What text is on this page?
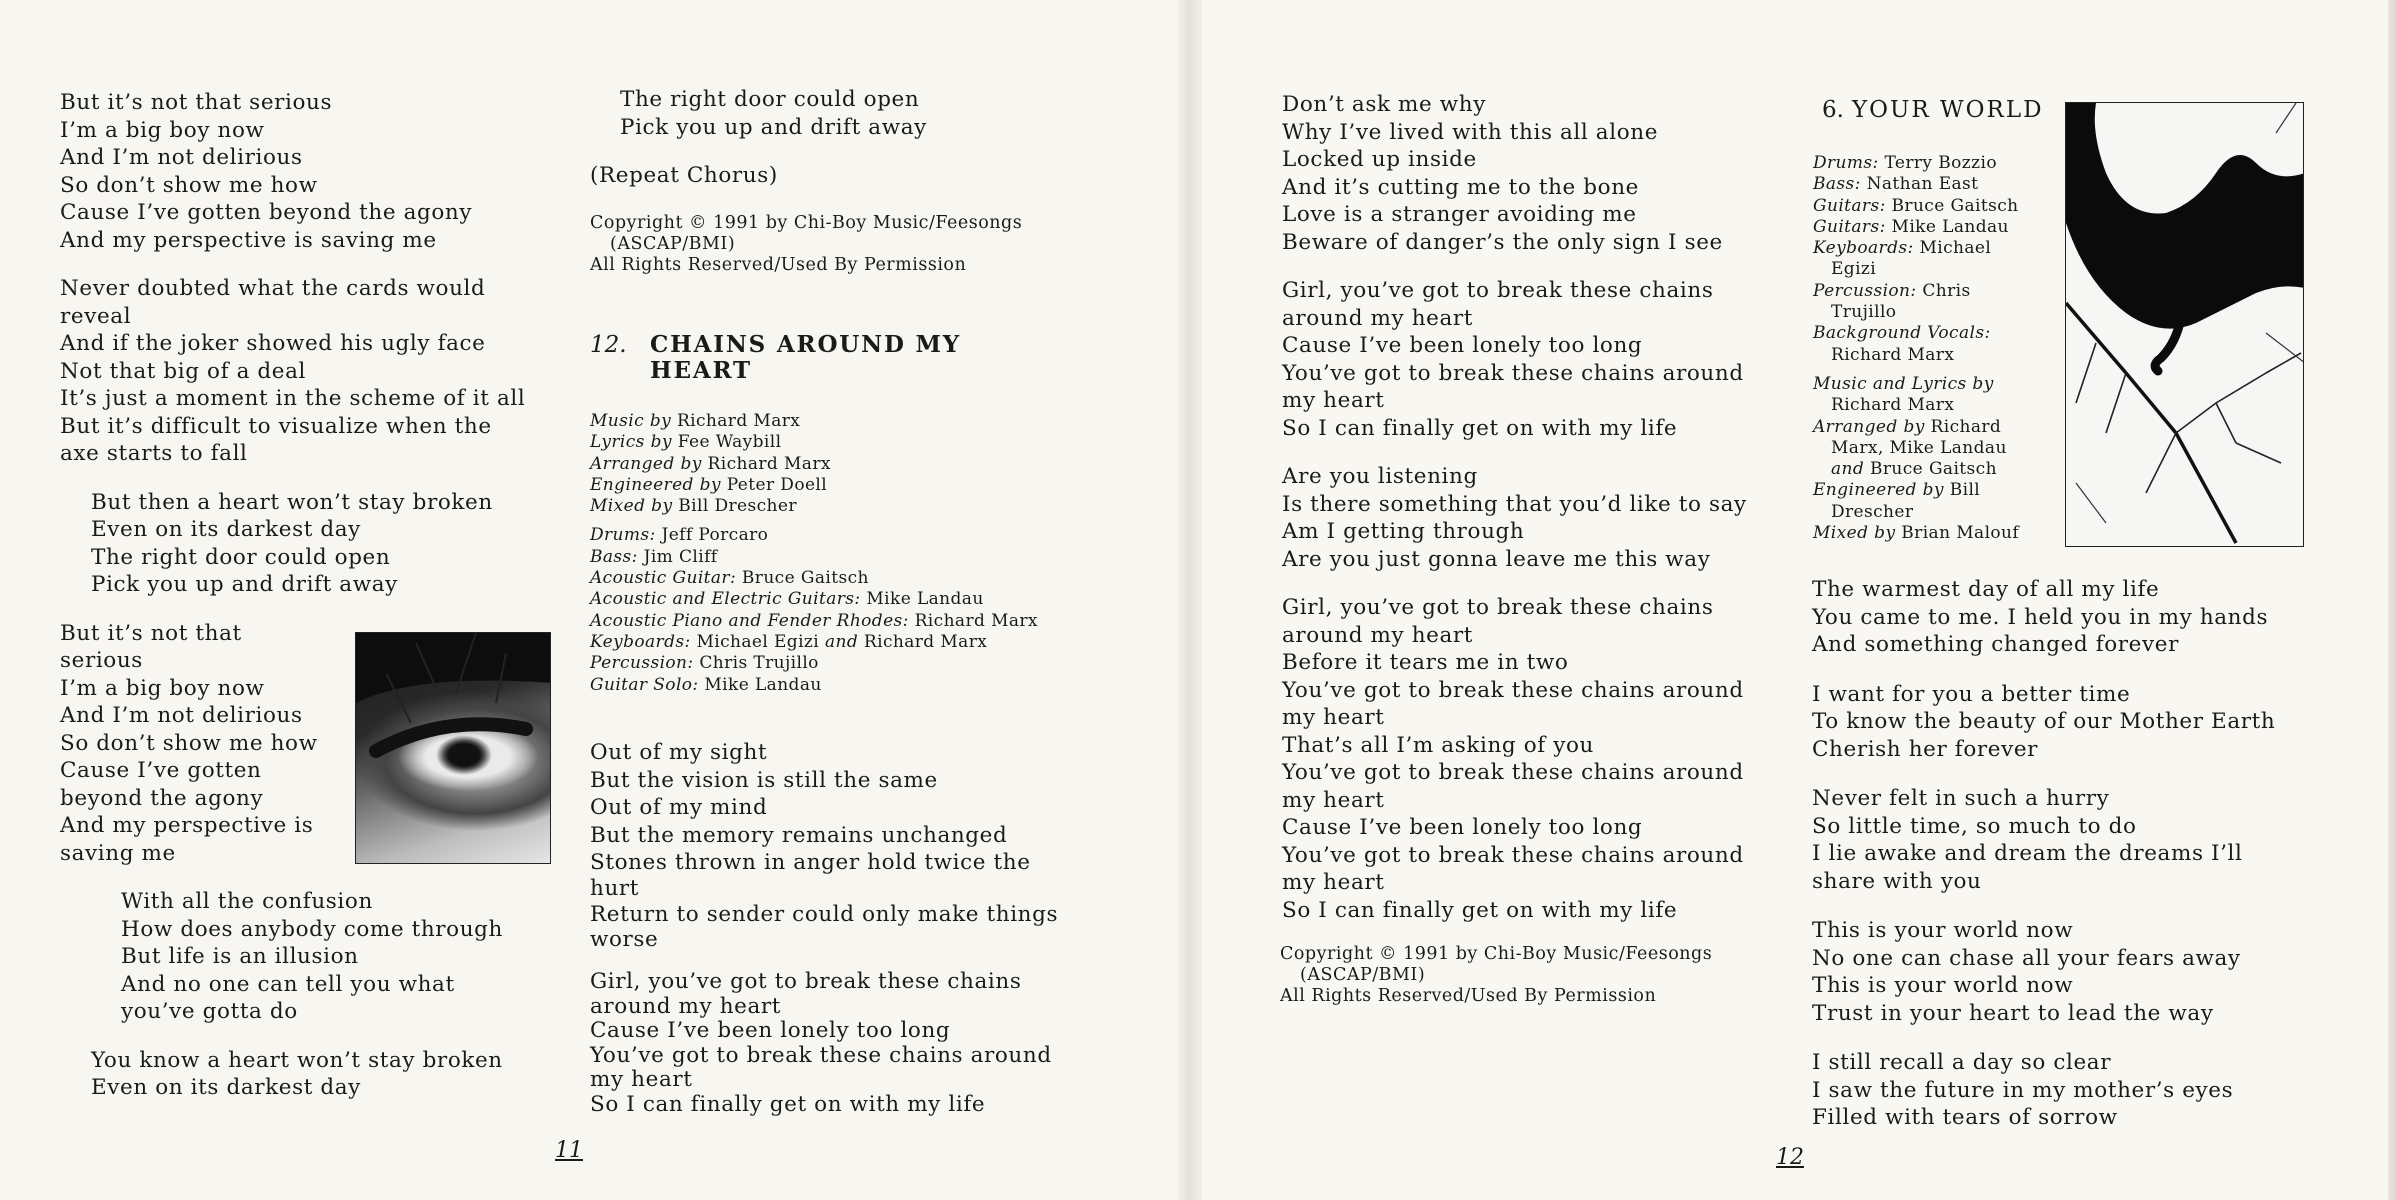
But it’s not that serious

I’m a big boy now

And I’m not delirious

So don’t show me how

Cause I’ve gotten beyond the agony

And my perspective is saving me

Never doubted what the cards would

reveal

And if the joker showed his ugly face

Not that big of a deal

It’s just a moment in the scheme of it all

But it’s difficult to visualize when the

axe starts to fall

But then a heart won’t stay broken

Even on its darkest day

The right door could open

Pick you up and drift away

But it’s not that

serious

I’m a big boy now

And I’m not delirious

So don’t show me how

Cause I’ve gotten

beyond the agony

And my perspective is

saving me

With all the confusion

How does anybody come through

But life is an illusion

And no one can tell you what

you’ve gotta do

You know a heart won’t stay broken

Even on its darkest day

The right door could open

Pick you up and drift away

(Repeat Chorus)

Copyright © 1991 by Chi-Boy Music/Feesongs

(ASCAP/BMI)

All Rights Reserved/Used By Permission

12.	CHAINS AROUND MY
HEART
Music by Richard Marx
Lyrics by Fee Waybill
Arranged by Richard Marx
Engineered by Peter Doell
Mixed by Bill Drescher
Drums: Jeff Porcaro
Bass: Jim Cliff
Acoustic Guitar: Bruce Gaitsch
Acoustic and Electric Guitars: Mike Landau
Acoustic Piano and Fender Rhodes: Richard Marx
Keyboards: Michael Egizi and Richard Marx
Percussion: Chris Trujillo
Guitar Solo: Mike Landau

Out of my sight

But the vision is still the same

Out of my mind

But the memory remains unchanged

Stones thrown in anger hold twice the

hurt

Return to sender could only make things

worse

Girl, you’ve got to break these chains

around my heart

Cause I’ve been lonely too long

You’ve got to break these chains around

my heart

So I can finally get on with my life

11

Don’t ask me why

Why I’ve lived with this all alone

Locked up inside

And it’s cutting me to the bone

Love is a stranger avoiding me

Beware of danger’s the only sign I see

Girl, you’ve got to break these chains

around my heart

Cause I’ve been lonely too long

You’ve got to break these chains around

my heart

So I can finally get on with my life

Are you listening

Is there something that you’d like to say

Am I getting through

Are you just gonna leave me this way

Girl, you’ve got to break these chains

around my heart

Before it tears me in two

You’ve got to break these chains around

my heart

That’s all I’m asking of you

You’ve got to break these chains around

my heart

Cause I’ve been lonely too long

You’ve got to break these chains around

my heart

So I can finally get on with my life

Copyright © 1991 by Chi-Boy Music/Feesongs

(ASCAP/BMI)

All Rights Reserved/Used By Permission

6. YOUR WORLD
Drums: Terry Bozzio
Bass: Nathan East
Guitars: Bruce Gaitsch
Guitars: Mike Landau
Keyboards: Michael
Egizi
Percussion: Chris
Trujillo
Background Vocals:
Richard Marx
Music and Lyrics by
Richard Marx
Arranged by Richard
Marx, Mike Landau
and Bruce Gaitsch
Engineered by Bill
Drescher
Mixed by Brian Malouf

The warmest day of all my life

You came to me. I held you in my hands

And something changed forever

I want for you a better time

To know the beauty of our Mother Earth

Cherish her forever

Never felt in such a hurry

So little time, so much to do

I lie awake and dream the dreams I’ll

share with you

This is your world now

No one can chase all your fears away

This is your world now

Trust in your heart to lead the way

I still recall a day so clear

I saw the future in my mother’s eyes

Filled with tears of sorrow

12
